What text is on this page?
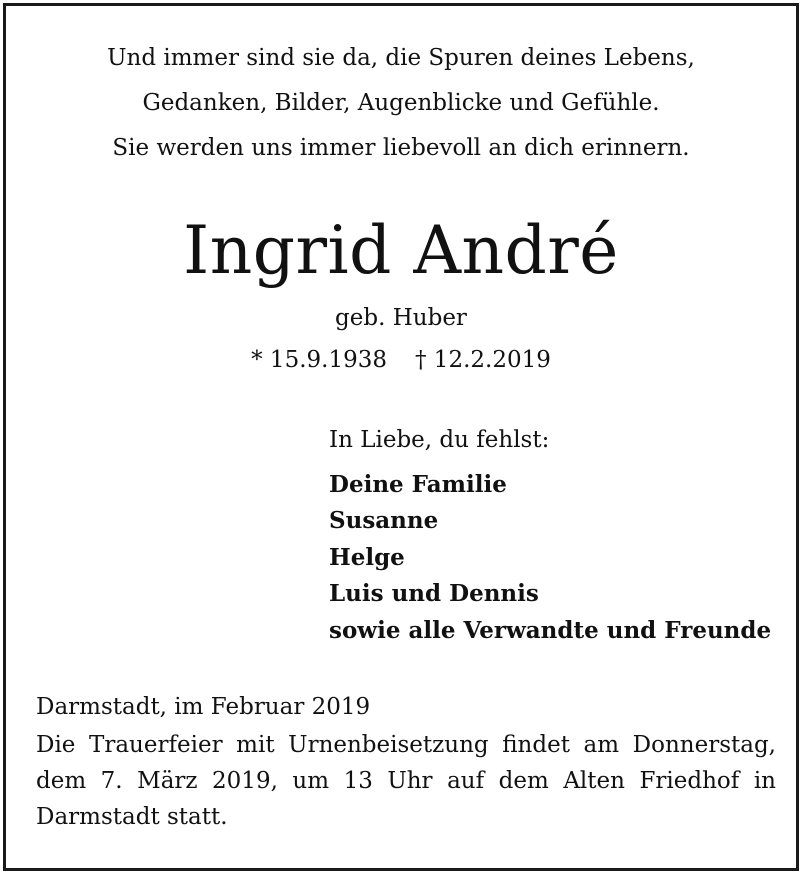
Und immer sind sie da, die Spuren deines Lebens,
Gedanken, Bilder, Augenblicke und Gefühle.
Sie werden uns immer liebevoll an dich erinnern.
Ingrid André
geb. Huber
* 15.9.1938 † 12.2.2019
In Liebe, du fehlst:
Deine Familie
Susanne
Helge
Luis und Dennis
sowie alle Verwandte und Freunde
Darmstadt, im Februar 2019
Die Trauerfeier mit Urnenbeisetzung findet am Donnerstag, dem 7. März 2019, um 13 Uhr auf dem Alten Friedhof in Darmstadt statt.
